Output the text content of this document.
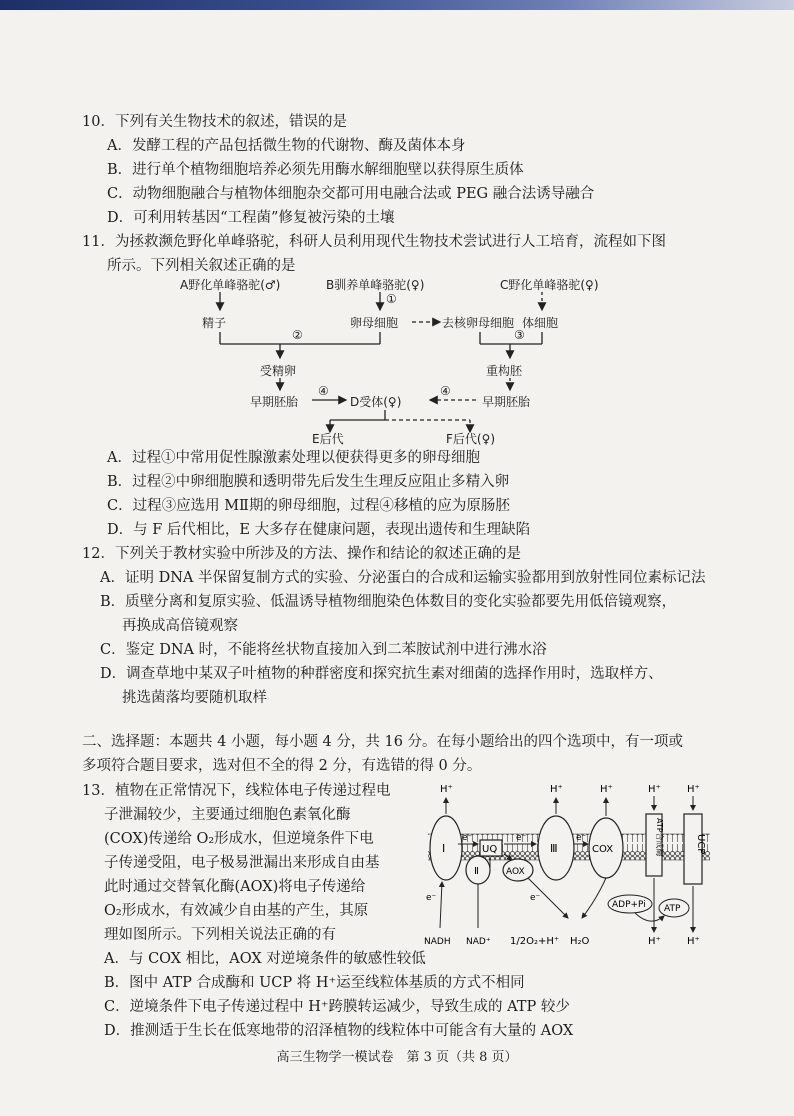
10．下列有关生物技术的叙述，错误的是
A．发酵工程的产品包括微生物的代谢物、酶及菌体本身
B．进行单个植物细胞培养必须先用酶水解细胞壁以获得原生质体
C．动物细胞融合与植物体细胞杂交都可用电融合法或 PEG 融合法诱导融合
D．可利用转基因“工程菌”修复被污染的土壤
11．为拯救濒危野化单峰骆驼，科研人员利用现代生物技术尝试进行人工培育，流程如下图
所示。下列相关叙述正确的是
A野化单峰骆驼(♂)	B驯养单峰骆驼(♀)	C野化单峰骆驼(♀)
①
精子	卵母细胞	去核卵母细胞 体细胞
②	③
受精卵	重构胚
早期胚胎
④
D受体(♀)
④
早期胚胎
E后代	F后代(♀)
A．过程①中常用促性腺激素处理以便获得更多的卵母细胞
B．过程②中卵细胞膜和透明带先后发生生理反应阻止多精入卵
C．过程③应选用 MⅡ期的卵母细胞，过程④移植的应为原肠胚
D．与 F 后代相比，E 大多存在健康问题，表现出遗传和生理缺陷
12．下列关于教材实验中所涉及的方法、操作和结论的叙述正确的是
A．证明 DNA 半保留复制方式的实验、分泌蛋白的合成和运输实验都用到放射性同位素标记法
B．质壁分离和复原实验、低温诱导植物细胞染色体数目的变化实验都要先用低倍镜观察，
再换成高倍镜观察
C．鉴定 DNA 时，不能将丝状物直接加入到二苯胺试剂中进行沸水浴
D．调查草地中某双子叶植物的种群密度和探究抗生素对细菌的选择作用时，选取样方、
挑选菌落均要随机取样
二、选择题：本题共 4 小题，每小题 4 分，共 16 分。在每小题给出的四个选项中，有一项或
多项符合题目要求，选对但不全的得 2 分，有选错的得 0 分。
13．植物在正常情况下，线粒体电子传递过程电
子泄漏较少，主要通过细胞色素氧化酶
(COX)传递给 O₂形成水，但逆境条件下电
子传递受阻，电子极易泄漏出来形成自由基
此时通过交替氧化酶(AOX)将电子传递给
O₂形成水，有效减少自由基的产生，其原
理如图所示。下列相关说法正确的有
H⁺	H⁺	H⁺	H⁺	H⁺
Ⅰ
Ⅱ
UQ
AOX
Ⅲ	COX	ATP合成酶	UCP
e⁻	e⁻	e⁻
e⁻	e⁻
NADH NAD⁺ 1/2O₂+H⁺ H₂O
ADP+Pi ATP
H⁺	H⁺
A．与 COX 相比，AOX 对逆境条件的敏感性较低
B．图中 ATP 合成酶和 UCP 将 H⁺运至线粒体基质的方式不相同
C．逆境条件下电子传递过程中 H⁺跨膜转运减少，导致生成的 ATP 较少
D．推测适于生长在低寒地带的沼泽植物的线粒体中可能含有大量的 AOX
高三生物学一模试卷　第 3 页（共 8 页）
